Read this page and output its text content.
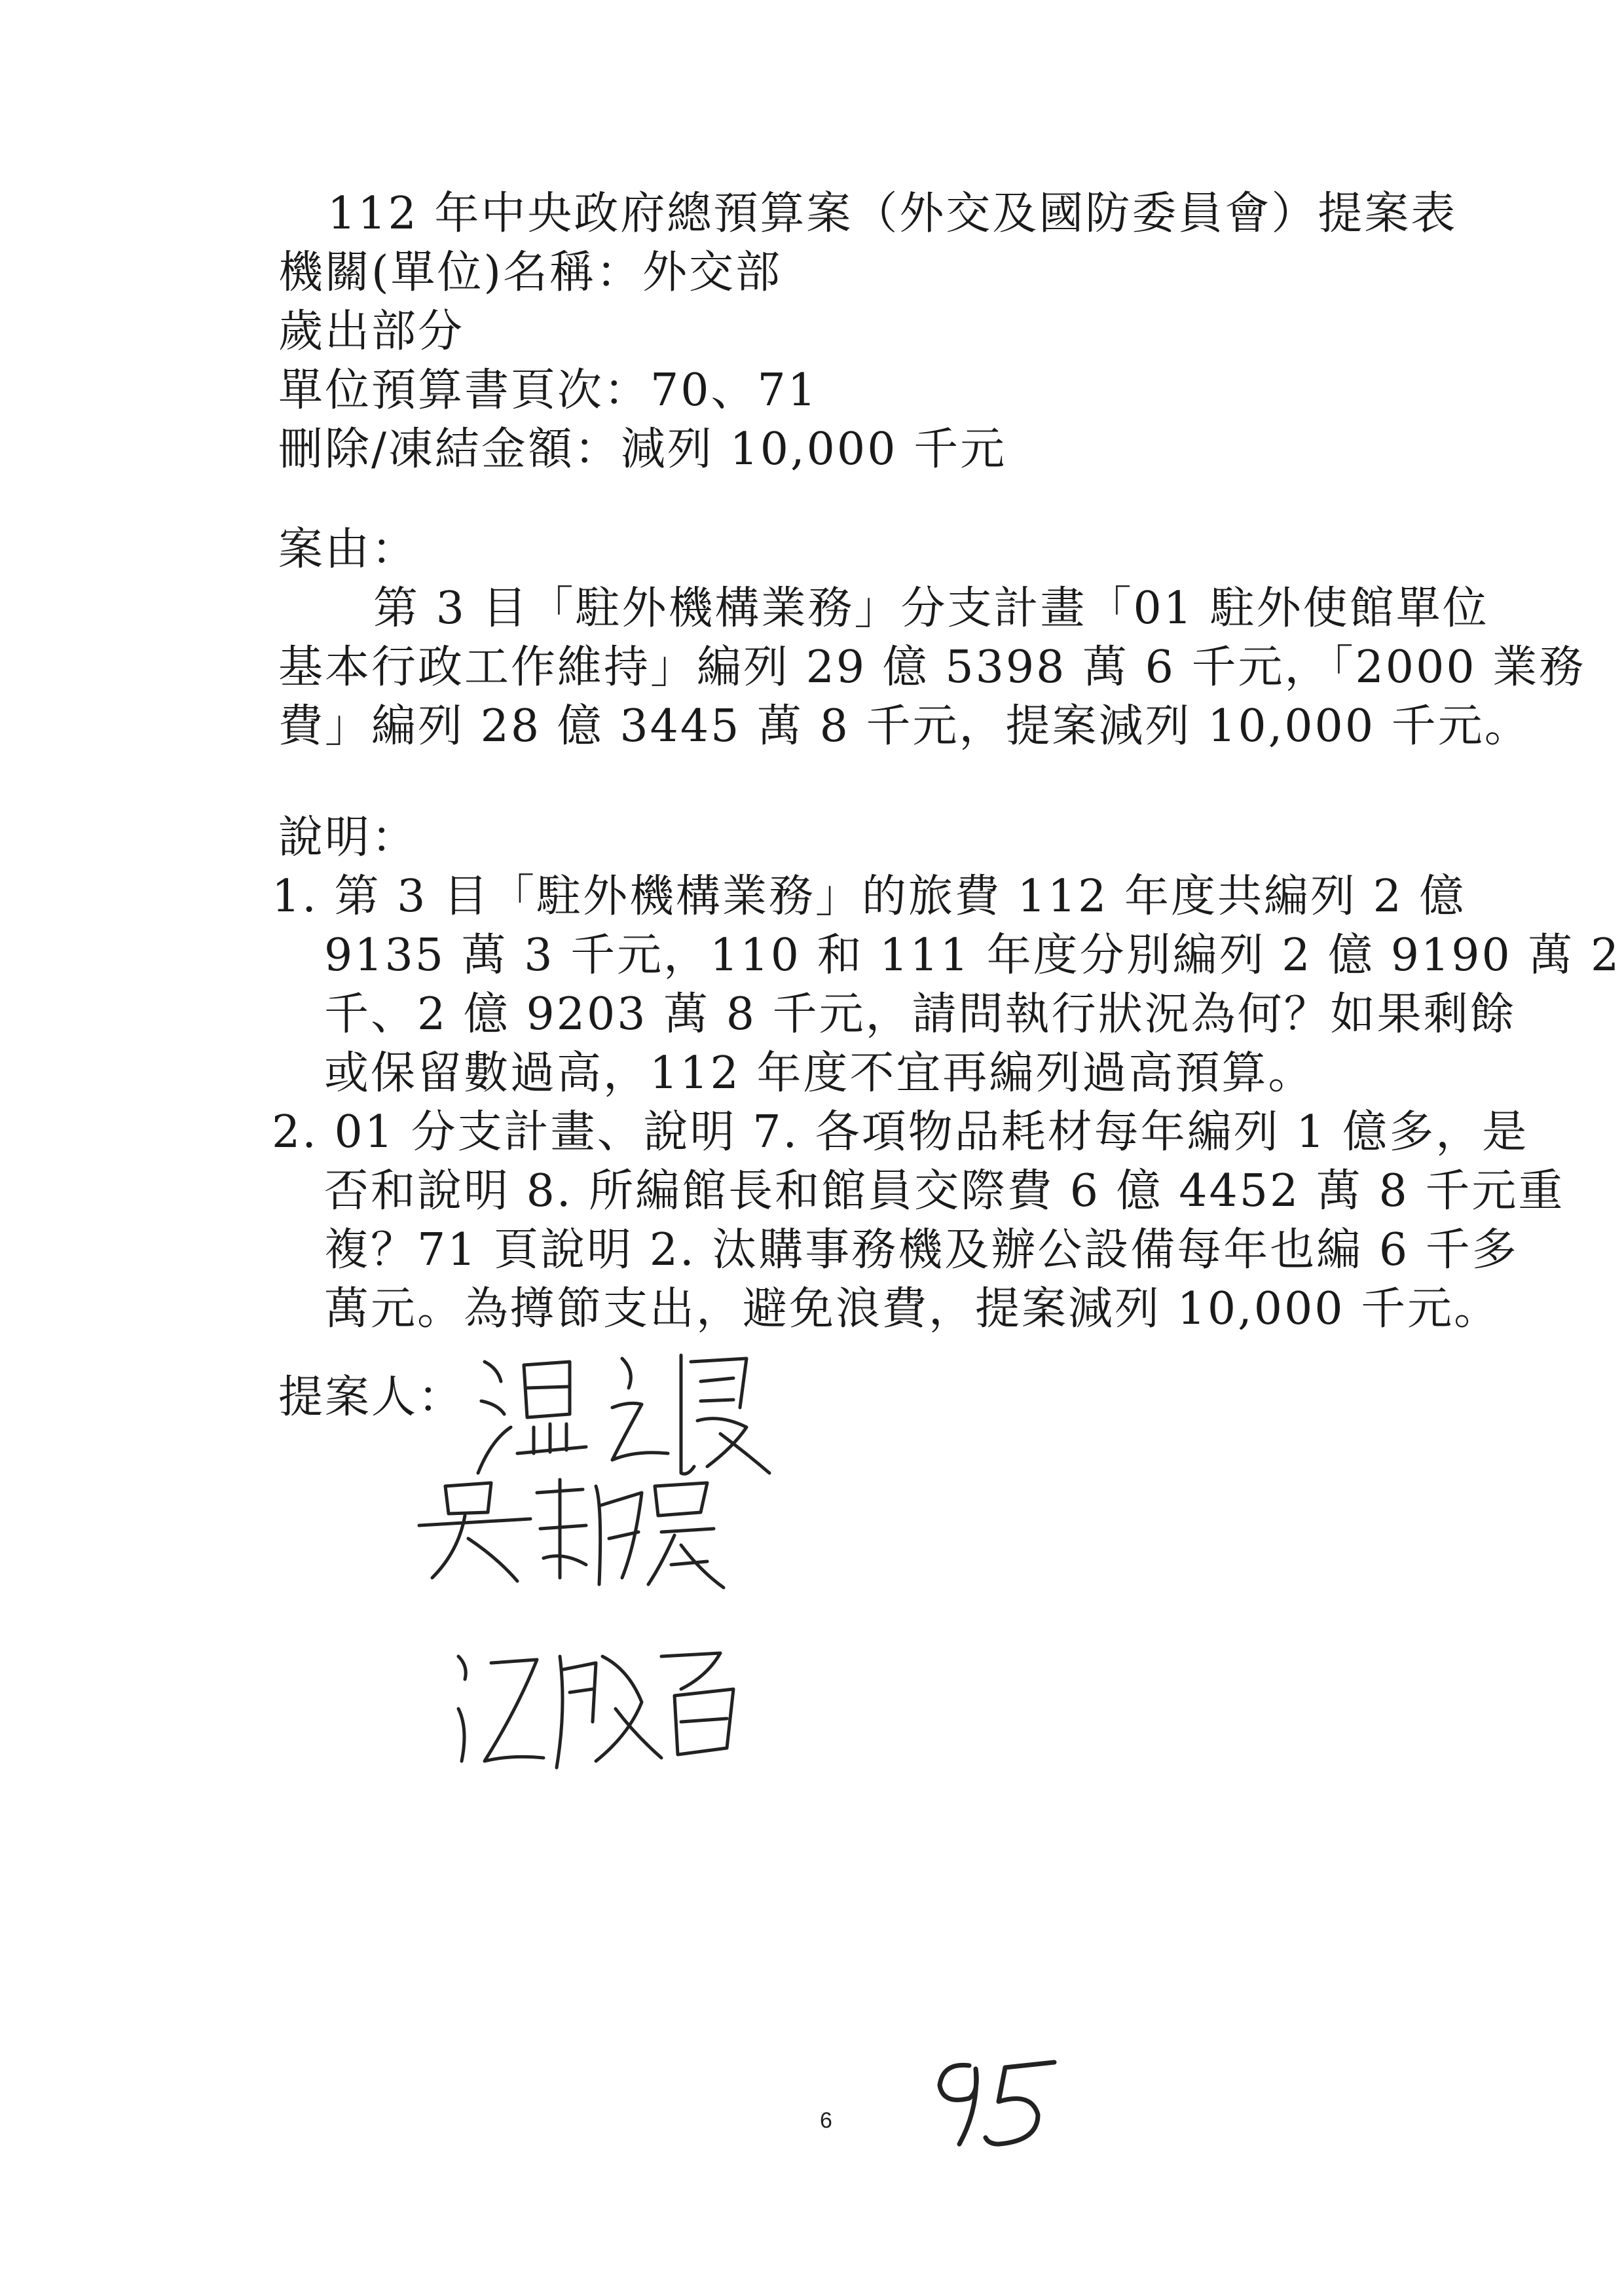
112 年中央政府總預算案（外交及國防委員會）提案表
機關(單位)名稱：外交部
歲出部分
單位預算書頁次：70、71
刪除/凍結金額：減列 10,000 千元
案由：
第 3 目「駐外機構業務」分支計畫「01 駐外使館單位
基本行政工作維持」編列 29 億 5398 萬 6 千元，「2000 業務
費」編列 28 億 3445 萬 8 千元，提案減列 10,000 千元。
說明：
1. 第 3 目「駐外機構業務」的旅費 112 年度共編列 2 億
9135 萬 3 千元，110 和 111 年度分別編列 2 億 9190 萬 2
千、2 億 9203 萬 8 千元，請問執行狀況為何？如果剩餘
或保留數過高，112 年度不宜再編列過高預算。
2. 01 分支計畫、說明 7. 各項物品耗材每年編列 1 億多，是
否和說明 8. 所編館長和館員交際費 6 億 4452 萬 8 千元重
複？71 頁說明 2. 汰購事務機及辦公設備每年也編 6 千多
萬元。為撙節支出，避免浪費，提案減列 10,000 千元。
提案人：
6
